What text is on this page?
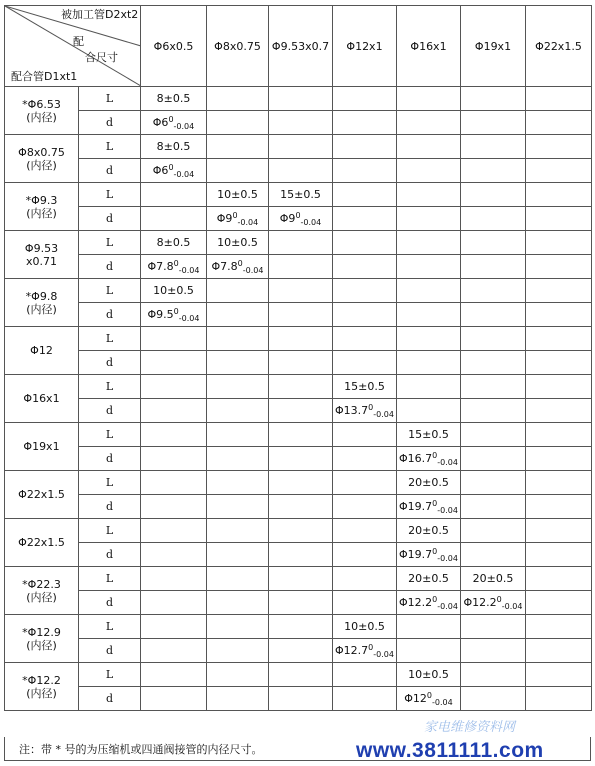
被加工管D2xt2
配
合尺寸
配合管D1xt1		Φ6x0.5	Φ8x0.75	Φ9.53x0.7	Φ12x1	Φ16x1	Φ19x1	Φ22x1.5

*Φ6.53
(内径)	L	8±0.5						
	d	$\Phi 6^0_{-0.04}$						

Φ8x0.75
(内径)	L	8±0.5						
	d	$\Phi 6^0_{-0.04}$						

*Φ9.3
(内径)	L		10±0.5	15±0.5				
	d		$\Phi 9^0_{-0.04}$	$\Phi 9^0_{-0.04}$				

Φ9.53
x0.71	L	8±0.5	10±0.5					
	d	$\Phi 7.8^0_{-0.04}$	$\Phi 7.8^0_{-0.04}$					

*Φ9.8
(内径)	L	10±0.5						
	d	$\Phi 9.5^0_{-0.04}$						

Φ12	L							
	d							

Φ16x1	L				15±0.5			
	d				$\Phi 13.7^0_{-0.04}$			

Φ19x1	L					15±0.5		
	d					$\Phi 16.7^0_{-0.04}$		

Φ22x1.5	L					20±0.5		
	d					$\Phi 19.7^0_{-0.04}$		

Φ22x1.5	L					20±0.5		
	d					$\Phi 19.7^0_{-0.04}$		

*Φ22.3
(内径)	L					20±0.5	20±0.5	
	d					$\Phi 12.2^0_{-0.04}$	$\Phi 12.2^0_{-0.04}$	

*Φ12.9
(内径)	L				10±0.5			
	d				$\Phi 12.7^0_{-0.04}$			

*Φ12.2
(内径)	L					10±0.5		
	d					$\Phi 12^0_{-0.04}$		
注：带 * 号的为压缩机或四通阀接管的内径尺寸。
家电维修资料网
www.3811111.com
